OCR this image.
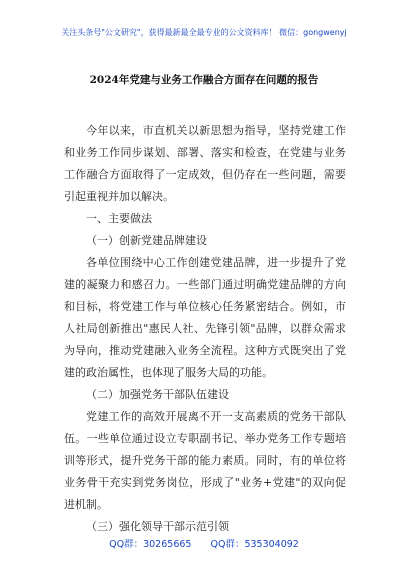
关注头条号"公文研究"，获得最新最全最专业的公文资料库！ 微信：gongwenyj
2024年党建与业务工作融合方面存在问题的报告

今年以来，市直机关以新思想为指导，坚持党建工作和业务工作同步谋划、部署、落实和检查，在党建与业务工作融合方面取得了一定成效，但仍存在一些问题，需要引起重视并加以解决。

一、主要做法

（一）创新党建品牌建设

各单位围绕中心工作创建党建品牌，进一步提升了党建的凝聚力和感召力。一些部门通过明确党建品牌的方向和目标，将党建工作与单位核心任务紧密结合。例如，市人社局创新推出"惠民人社、先锋引领"品牌，以群众需求为导向，推动党建融入业务全流程。这种方式既突出了党建的政治属性，也体现了服务大局的功能。

（二）加强党务干部队伍建设

党建工作的高效开展离不开一支高素质的党务干部队伍。一些单位通过设立专职副书记、举办党务工作专题培训等形式，提升党务干部的能力素质。同时，有的单位将业务骨干充实到党务岗位，形成了"业务+党建"的双向促进机制。

（三）强化领导干部示范引领

QQ群：30265665 QQ群：535304092
